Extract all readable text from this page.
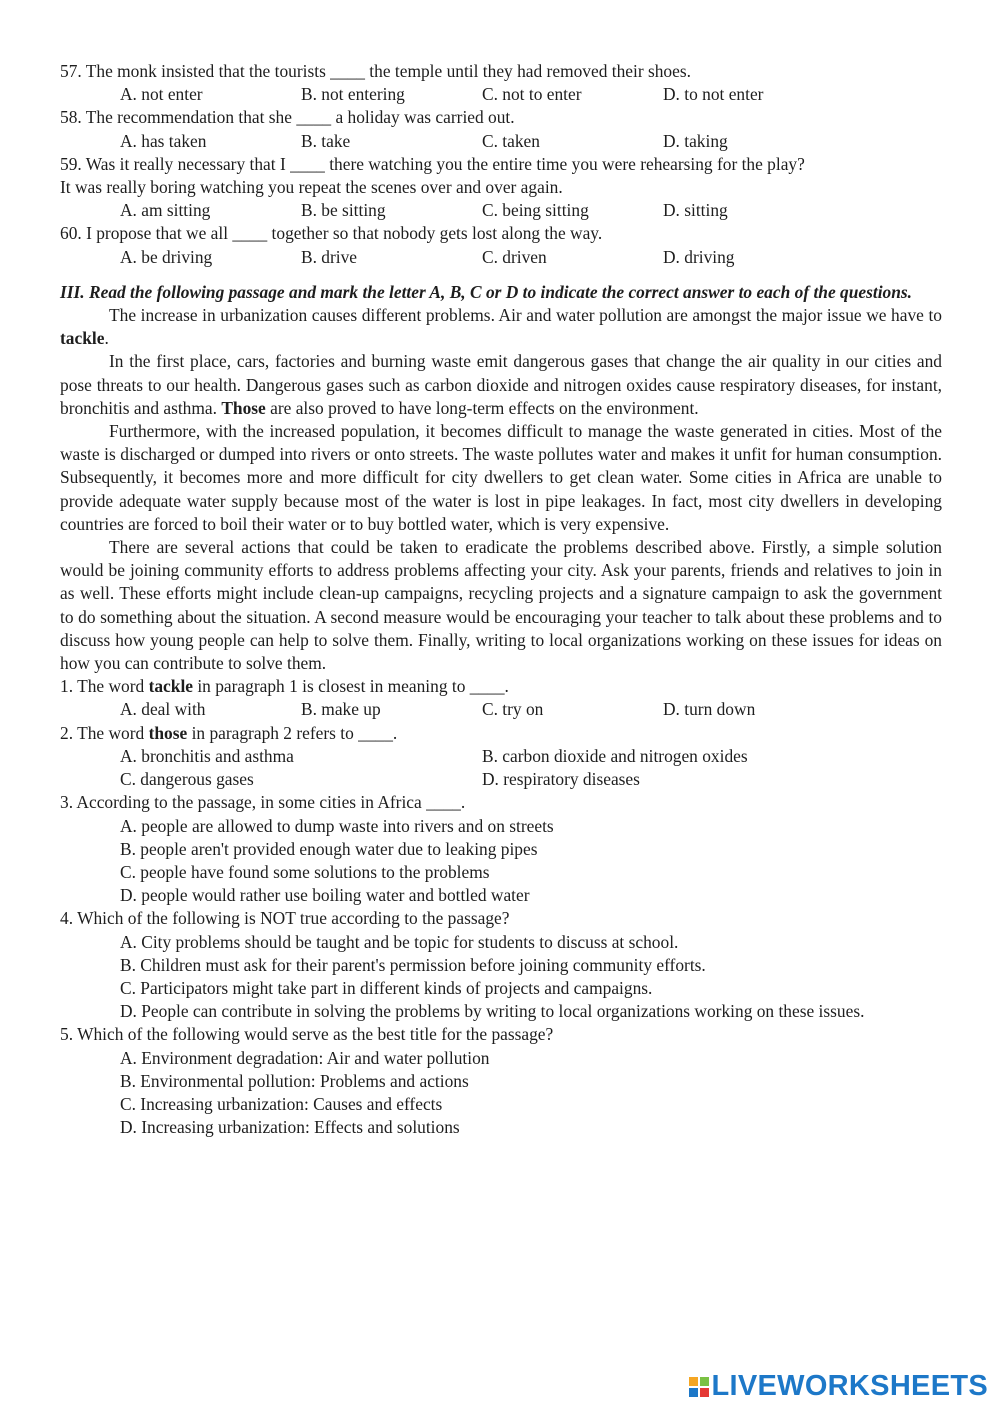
57. The monk insisted that the tourists ____ the temple until they had removed their shoes.
A. not enter	B. not entering	C. not to enter	D. to not enter
58. The recommendation that she ____ a holiday was carried out.
A. has taken	B. take	C. taken	D. taking
59. Was it really necessary that I ____ there watching you the entire time you were rehearsing for the play?
It was really boring watching you repeat the scenes over and over again.
A. am sitting	B. be sitting	C. being sitting	D. sitting
60. I propose that we all ____ together so that nobody gets lost along the way.
A. be driving	B. drive	C. driven	D. driving
III. Read the following passage and mark the letter A, B, C or D to indicate the correct answer to each of the questions.
The increase in urbanization causes different problems. Air and water pollution are amongst the major issue we have to tackle.
In the first place, cars, factories and burning waste emit dangerous gases that change the air quality in our cities and pose threats to our health. Dangerous gases such as carbon dioxide and nitrogen oxides cause respiratory diseases, for instant, bronchitis and asthma. Those are also proved to have long-term effects on the environment.
Furthermore, with the increased population, it becomes difficult to manage the waste generated in cities. Most of the waste is discharged or dumped into rivers or onto streets. The waste pollutes water and makes it unfit for human consumption. Subsequently, it becomes more and more difficult for city dwellers to get clean water. Some cities in Africa are unable to provide adequate water supply because most of the water is lost in pipe leakages. In fact, most city dwellers in developing countries are forced to boil their water or to buy bottled water, which is very expensive.
There are several actions that could be taken to eradicate the problems described above. Firstly, a simple solution would be joining community efforts to address problems affecting your city. Ask your parents, friends and relatives to join in as well. These efforts might include clean-up campaigns, recycling projects and a signature campaign to ask the government to do something about the situation. A second measure would be encouraging your teacher to talk about these problems and to discuss how young people can help to solve them. Finally, writing to local organizations working on these issues for ideas on how you can contribute to solve them.
1. The word tackle in paragraph 1 is closest in meaning to ____.
A. deal with	B. make up	C. try on	D. turn down
2. The word those in paragraph 2 refers to ____.
A. bronchitis and asthma	B. carbon dioxide and nitrogen oxides
C. dangerous gases	D. respiratory diseases
3. According to the passage, in some cities in Africa ____.
A. people are allowed to dump waste into rivers and on streets
B. people aren't provided enough water due to leaking pipes
C. people have found some solutions to the problems
D. people would rather use boiling water and bottled water
4. Which of the following is NOT true according to the passage?
A. City problems should be taught and be topic for students to discuss at school.
B. Children must ask for their parent's permission before joining community efforts.
C. Participators might take part in different kinds of projects and campaigns.
D. People can contribute in solving the problems by writing to local organizations working on these issues.
5. Which of the following would serve as the best title for the passage?
A. Environment degradation: Air and water pollution
B. Environmental pollution: Problems and actions
C. Increasing urbanization: Causes and effects
D. Increasing urbanization: Effects and solutions
LIVEWORKSHEETS
